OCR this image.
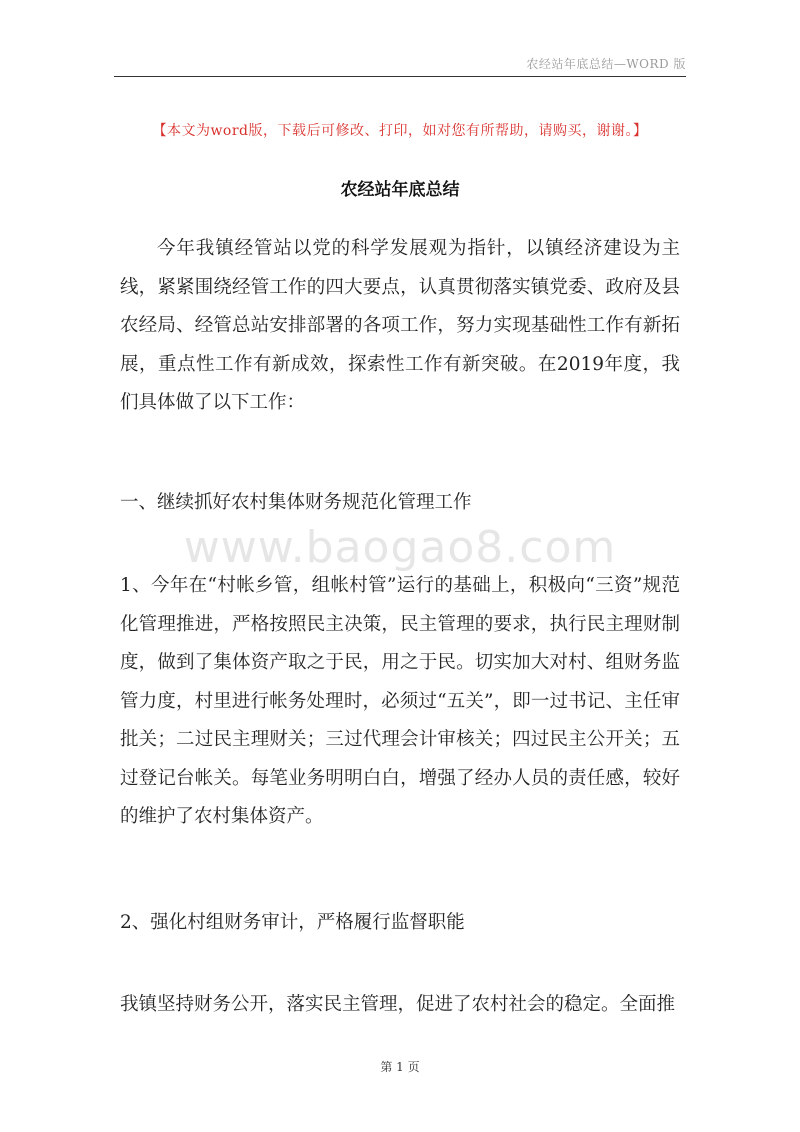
农经站年底总结—WORD 版
【本文为word版，下载后可修改、打印，如对您有所帮助，请购买，谢谢。】
农经站年底总结

今年我镇经管站以党的科学发展观为指针，以镇经济建设为主线，紧紧围绕经管工作的四大要点，认真贯彻落实镇党委、政府及县农经局、经管总站安排部署的各项工作，努力实现基础性工作有新拓展，重点性工作有新成效，探索性工作有新突破。在2019年度，我们具体做了以下工作：

一、继续抓好农村集体财务规范化管理工作

www.baogao8.com

1、今年在“村帐乡管，组帐村管”运行的基础上，积极向“三资”规范化管理推进，严格按照民主决策，民主管理的要求，执行民主理财制度，做到了集体资产取之于民，用之于民。切实加大对村、组财务监管力度，村里进行帐务处理时，必须过“五关”，即一过书记、主任审批关；二过民主理财关；三过代理会计审核关；四过民主公开关；五过登记台帐关。每笔业务明明白白，增强了经办人员的责任感，较好的维护了农村集体资产。

2、强化村组财务审计，严格履行监督职能

我镇坚持财务公开，落实民主管理，促进了农村社会的稳定。全面推

第 1 页
